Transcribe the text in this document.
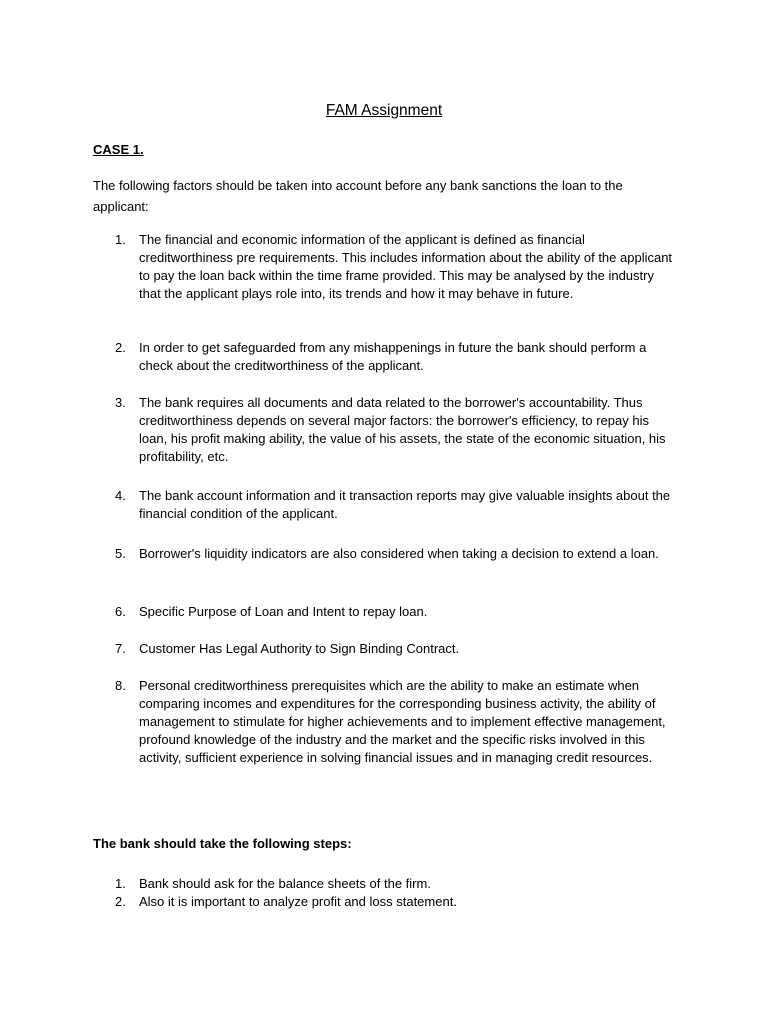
FAM Assignment

CASE 1.

The following factors should be taken into account before any bank sanctions the loan to the applicant:

1.	The financial and economic information of the applicant is defined as financial creditworthiness pre requirements. This includes information about the ability of the applicant to pay the loan back within the time frame provided. This may be analysed by the industry that the applicant plays role into, its trends and how it may behave in future.
2.	In order to get safeguarded from any mishappenings in future the bank should perform a check about the creditworthiness of the applicant.
3.	The bank requires all documents and data related to the borrower's accountability. Thus creditworthiness depends on several major factors: the borrower's efficiency, to repay his loan, his profit making ability, the value of his assets, the state of the economic situation, his profitability, etc.
4.	The bank account information and it transaction reports may give valuable insights about the financial condition of the applicant.
5.	Borrower's liquidity indicators are also considered when taking a decision to extend a loan.
6.	Specific Purpose of Loan and Intent to repay loan.
7.	Customer Has Legal Authority to Sign Binding Contract.
8.	Personal creditworthiness prerequisites which are the ability to make an estimate when comparing incomes and expenditures for the corresponding business activity, the ability of management to stimulate for higher achievements and to implement effective management, profound knowledge of the industry and the market and the specific risks involved in this activity, sufficient experience in solving financial issues and in managing credit resources.

The bank should take the following steps:

1.	Bank should ask for the balance sheets of the firm.
2.	Also it is important to analyze profit and loss statement.
